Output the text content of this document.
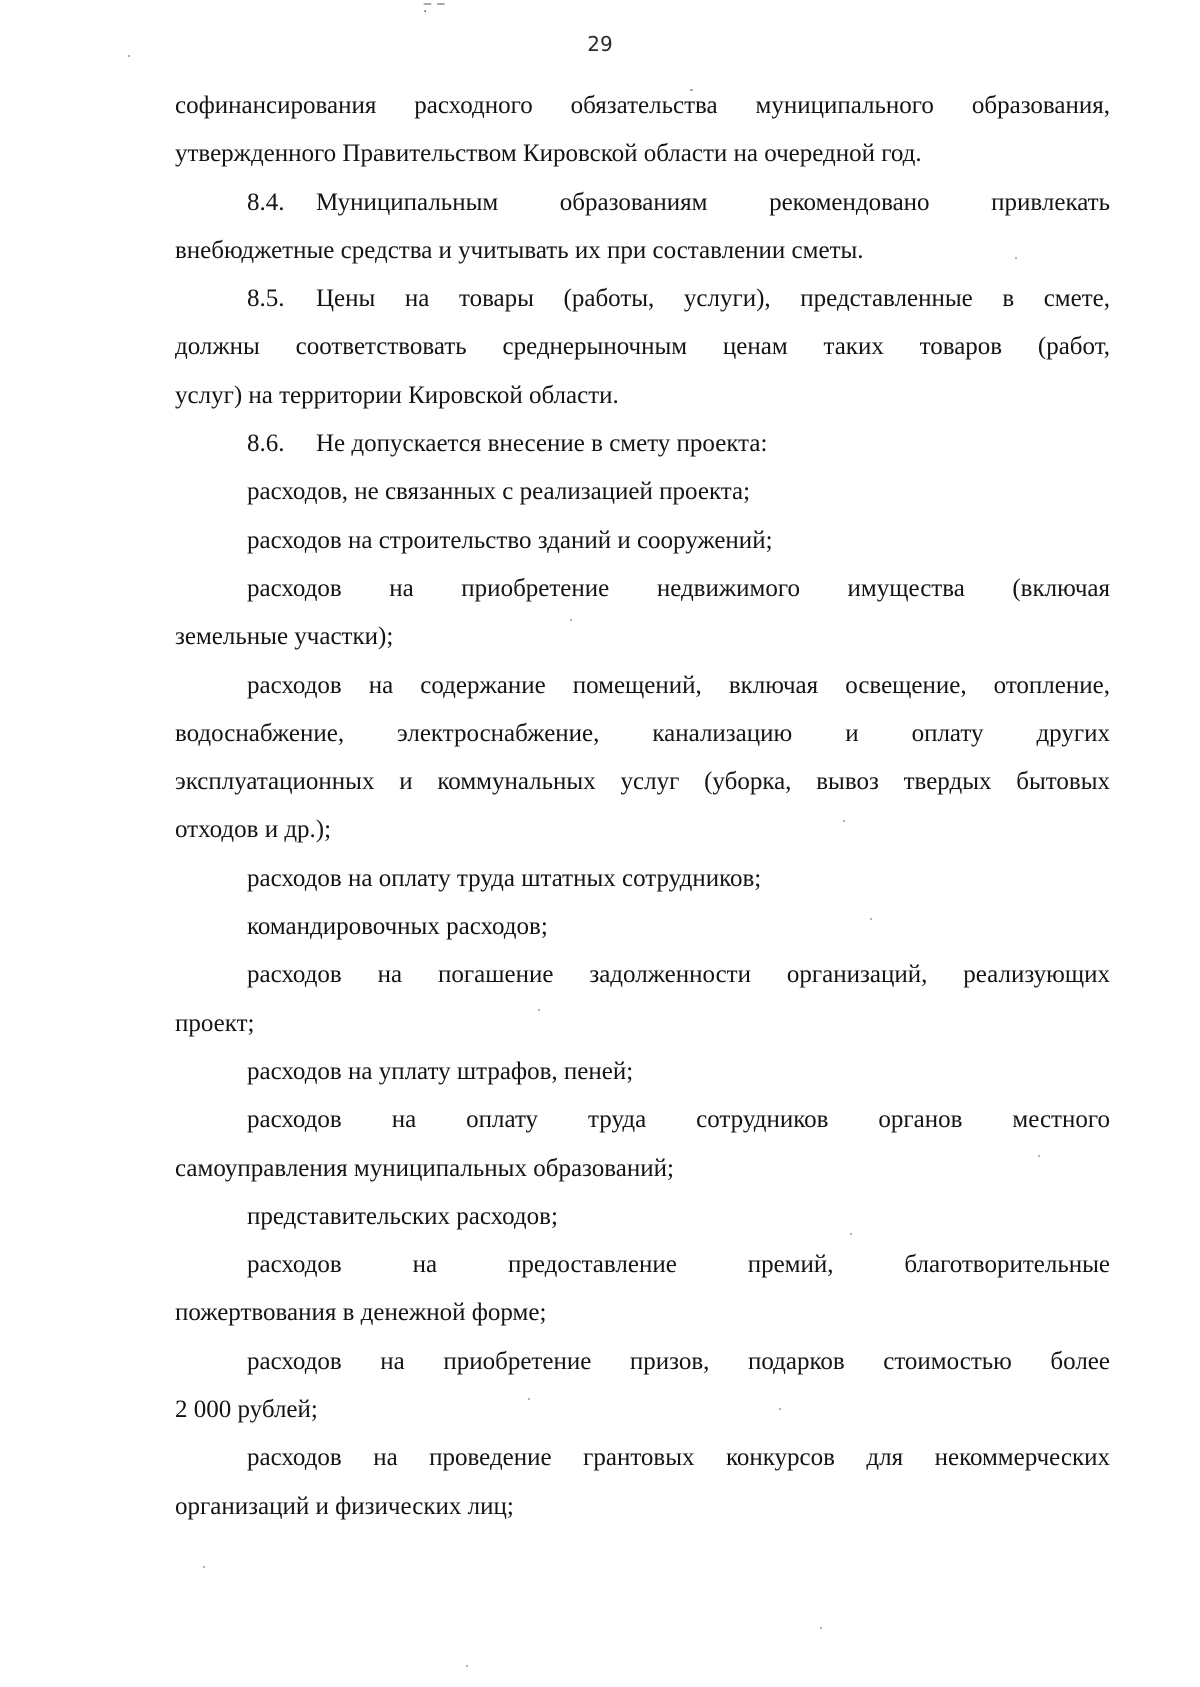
‒ ‒ ·
29
софинансирования расходного обязательства муниципального образования,
утвержденного Правительством Кировской области на очередной год.
8.4. Муниципальным образованиям рекомендовано привлекать
внебюджетные средства и учитывать их при составлении сметы.
8.5. Цены на товары (работы, услуги), представленные в смете,
должны соответствовать среднерыночным ценам таких товаров (работ,
услуг) на территории Кировской области.
8.6. Не допускается внесение в смету проекта:
расходов, не связанных с реализацией проекта;
расходов на строительство зданий и сооружений;
расходов на приобретение недвижимого имущества (включая
земельные участки);
расходов на содержание помещений, включая освещение, отопление,
водоснабжение, электроснабжение, канализацию и оплату других
эксплуатационных и коммунальных услуг (уборка, вывоз твердых бытовых
отходов и др.);
расходов на оплату труда штатных сотрудников;
командировочных расходов;
расходов на погашение задолженности организаций, реализующих
проект;
расходов на уплату штрафов, пеней;
расходов на оплату труда сотрудников органов местного
самоуправления муниципальных образований;
представительских расходов;
расходов на предоставление премий, благотворительные
пожертвования в денежной форме;
расходов на приобретение призов, подарков стоимостью более
2 000 рублей;
расходов на проведение грантовых конкурсов для некоммерческих
организаций и физических лиц;
